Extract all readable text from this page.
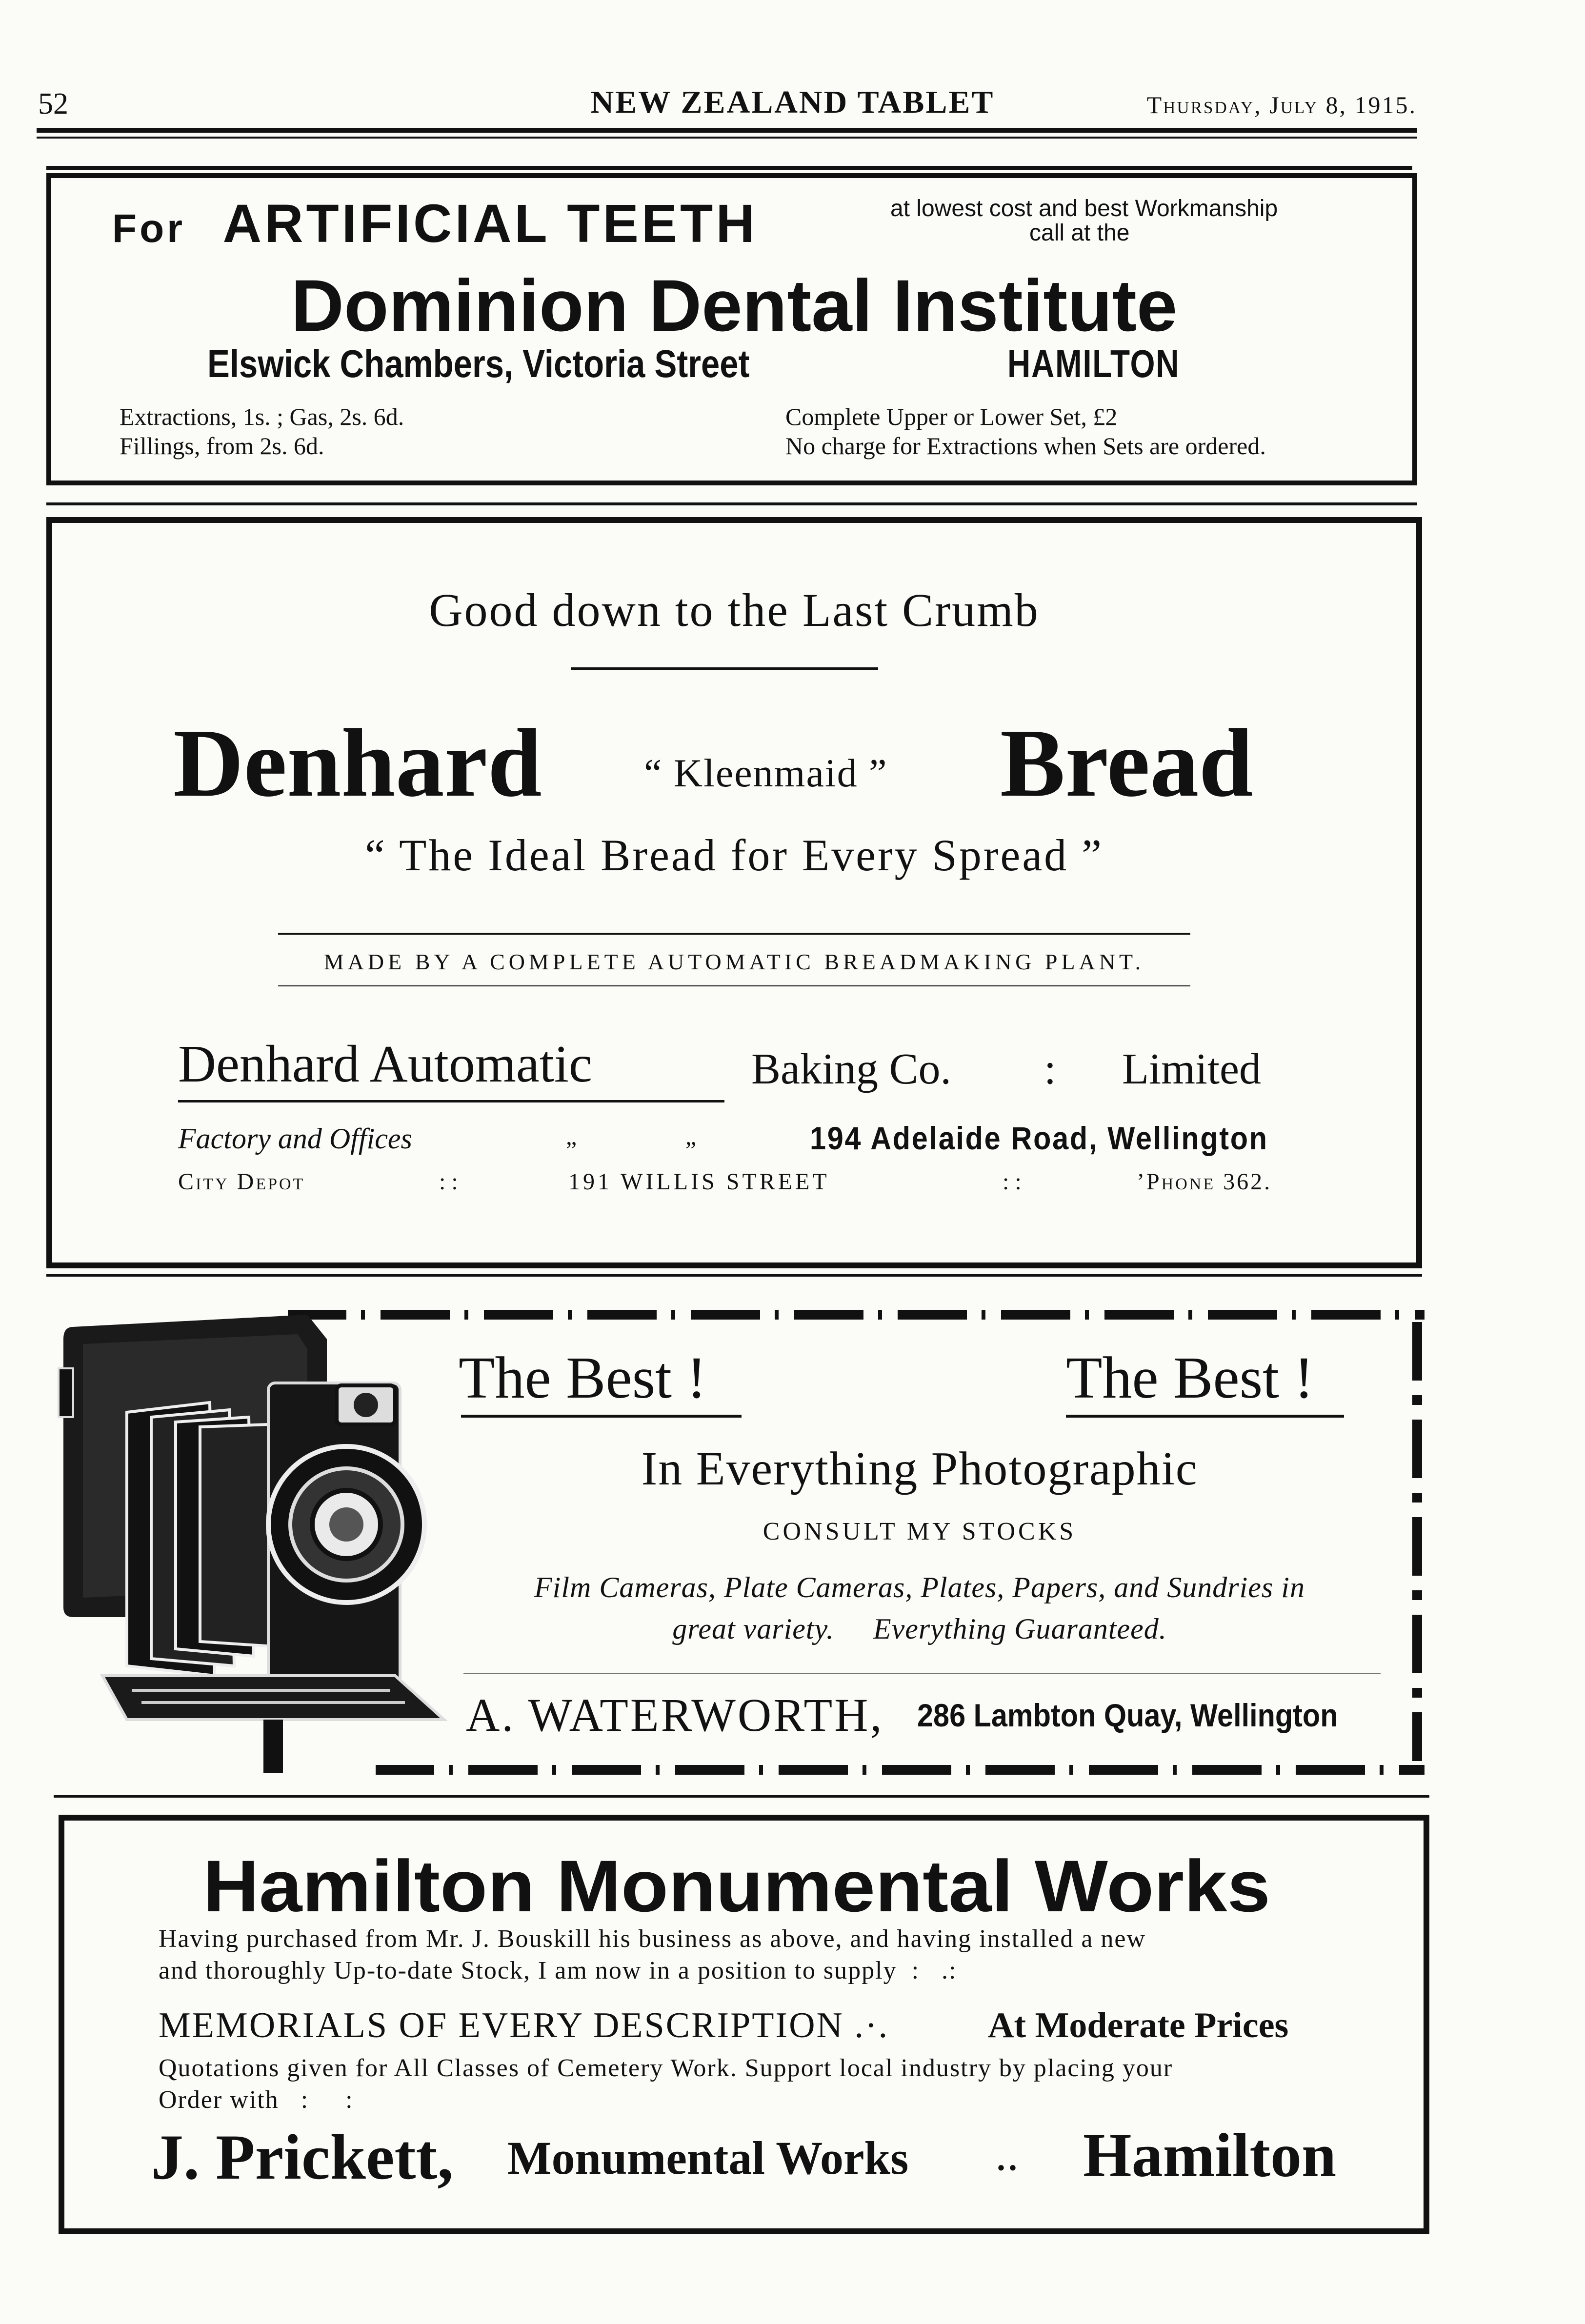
52	NEW ZEALAND TABLET	Thursday, July 8, 1915.
For ARTIFICIAL TEETH	at lowest cost and best Workmanship
call at the
Dominion Dental Institute
Elswick Chambers, Victoria Street	HAMILTON
Extractions, 1s. ; Gas, 2s. 6d.
Fillings, from 2s. 6d.
Complete Upper or Lower Set, £2
No charge for Extractions when Sets are ordered.
Good down to the Last Crumb
Denhard	“ Kleenmaid ” Bread
“ The Ideal Bread for Every Spread ”
MADE BY A COMPLETE AUTOMATIC BREADMAKING PLANT.
Denhard Automatic	Baking Co. : Limited
Factory and Offices	„	„	194 Adelaide Road, Wellington
City Depot	: :	191 WILLIS STREET	: :	’Phone 362.
The Best !	The Best !
In Everything Photographic
CONSULT MY STOCKS
Film Cameras, Plate Cameras, Plates, Papers, and Sundries in
great variety.     Everything Guaranteed.
A. WATERWORTH, 286 Lambton Quay, Wellington
Hamilton Monumental Works
Having purchased from Mr. J. Bouskill his business as above, and having installed a new
and thoroughly Up-to-date Stock, I am now in a position to supply  :   .:
MEMORIALS OF EVERY DESCRIPTION .·.	At Moderate Prices
Quotations given for All Classes of Cemetery Work. Support local industry by placing your
Order with   :     :
J. Prickett, Monumental Works .. Hamilton
